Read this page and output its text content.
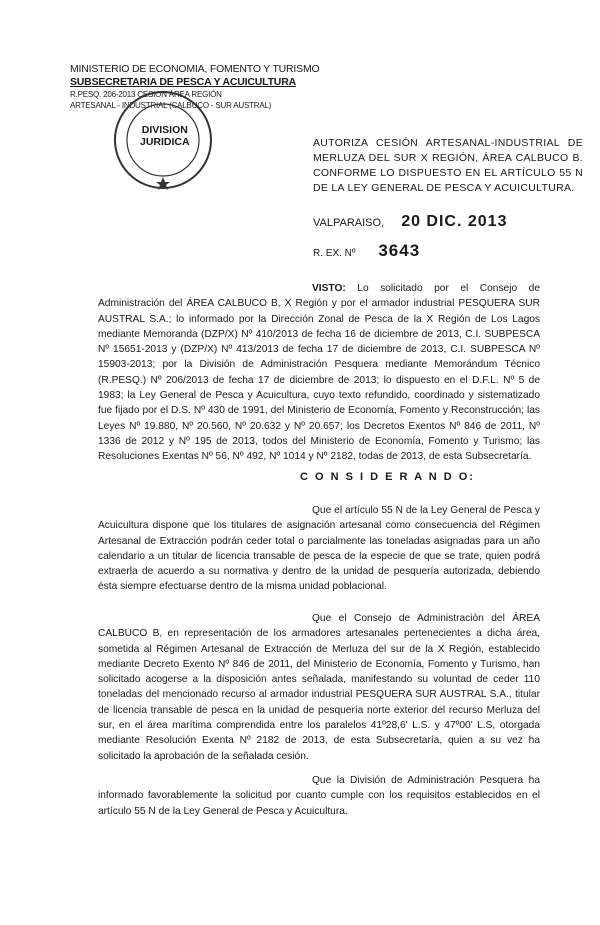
MINISTERIO DE ECONOMIA, FOMENTO Y TURISMO
SUBSECRETARIA DE PESCA Y ACUICULTURA
R.PESQ. 206-2013 CESION ÁREA REGIÓN
ARTESANAL - INDUSTRIAL (CALBUCO - SUR AUSTRAL)
DIVISION
JURIDICA	AUTORIZA CESIÓN ARTESANAL-INDUSTRIAL DE MERLUZA DEL SUR X REGIÓN, ÁREA CALBUCO B. CONFORME LO DISPUESTO EN EL ARTÍCULO 55 N DE LA LEY GENERAL DE PESCA Y ACUICULTURA.
VALPARAISO, 20 DIC. 2013
R. EX. Nº 3643
VISTO: Lo solicitado por el Consejo de Administración del ÁREA CALBUCO B, X Región y por el armador industrial PESQUERA SUR AUSTRAL S.A.; lo informado por la Dirección Zonal de Pesca de la X Región de Los Lagos mediante Memoranda (DZP/X) Nº 410/2013 de fecha 16 de diciembre de 2013, C.I. SUBPESCA Nº 15651-2013 y (DZP/X) Nº 413/2013 de fecha 17 de diciembre de 2013, C.I. SUBPESCA Nº 15903-2013; por la División de Administración Pesquera mediante Memorándum Técnico (R.PESQ.) Nº 206/2013 de fecha 17 de diciembre de 2013; lo dispuesto en el D.F.L. Nº 5 de 1983; la Ley General de Pesca y Acuicultura, cuyo texto refundido, coordinado y sistematizado fue fijado por el D.S. Nº 430 de 1991, del Ministerio de Economía, Fomento y Reconstrucción; las Leyes Nº 19.880, Nº 20.560, Nº 20.632 y Nº 20.657; los Decretos Exentos Nº 846 de 2011, Nº 1336 de 2012 y Nº 195 de 2013, todos del Ministerio de Economía, Fomento y Turismo; las Resoluciones Exentas Nº 56, Nº 492, Nº 1014 y Nº 2182, todas de 2013, de esta Subsecretaría.
C O N S I D E R A N D O:
Que el artículo 55 N de la Ley General de Pesca y Acuicultura dispone que los titulares de asignación artesanal como consecuencia del Régimen Artesanal de Extracción podrán ceder total o parcialmente las toneladas asignadas para un año calendario a un titular de licencia transable de pesca de la especie de que se trate, quien podrá extraerla de acuerdo a su normativa y dentro de la unidad de pesquería autorizada, debiendo ésta siempre efectuarse dentro de la misma unidad poblacional.
Que el Consejo de Administración del ÁREA CALBUCO B, en representación de los armadores artesanales pertenecientes a dicha área, sometida al Régimen Artesanal de Extracción de Merluza del sur de la X Región, establecido mediante Decreto Exento Nº 846 de 2011, del Ministerio de Economía, Fomento y Turismo, han solicitado acogerse a la disposición antes señalada, manifestando su voluntad de ceder 110 toneladas del mencionado recurso al armador industrial PESQUERA SUR AUSTRAL S.A., titular de licencia transable de pesca en la unidad de pesquería norte exterior del recurso Merluza del sur, en el área marítima comprendida entre los paralelos 41º28,6' L.S. y 47º00' L.S, otorgada mediante Resolución Exenta Nº 2182 de 2013, de esta Subsecretaría, quien a su vez ha solicitado la aprobación de la señalada cesión.
Que la División de Administración Pesquera ha informado favorablemente la solicitud por cuanto cumple con los requisitos establecidos en el artículo 55 N de la Ley General de Pesca y Acuicultura.
